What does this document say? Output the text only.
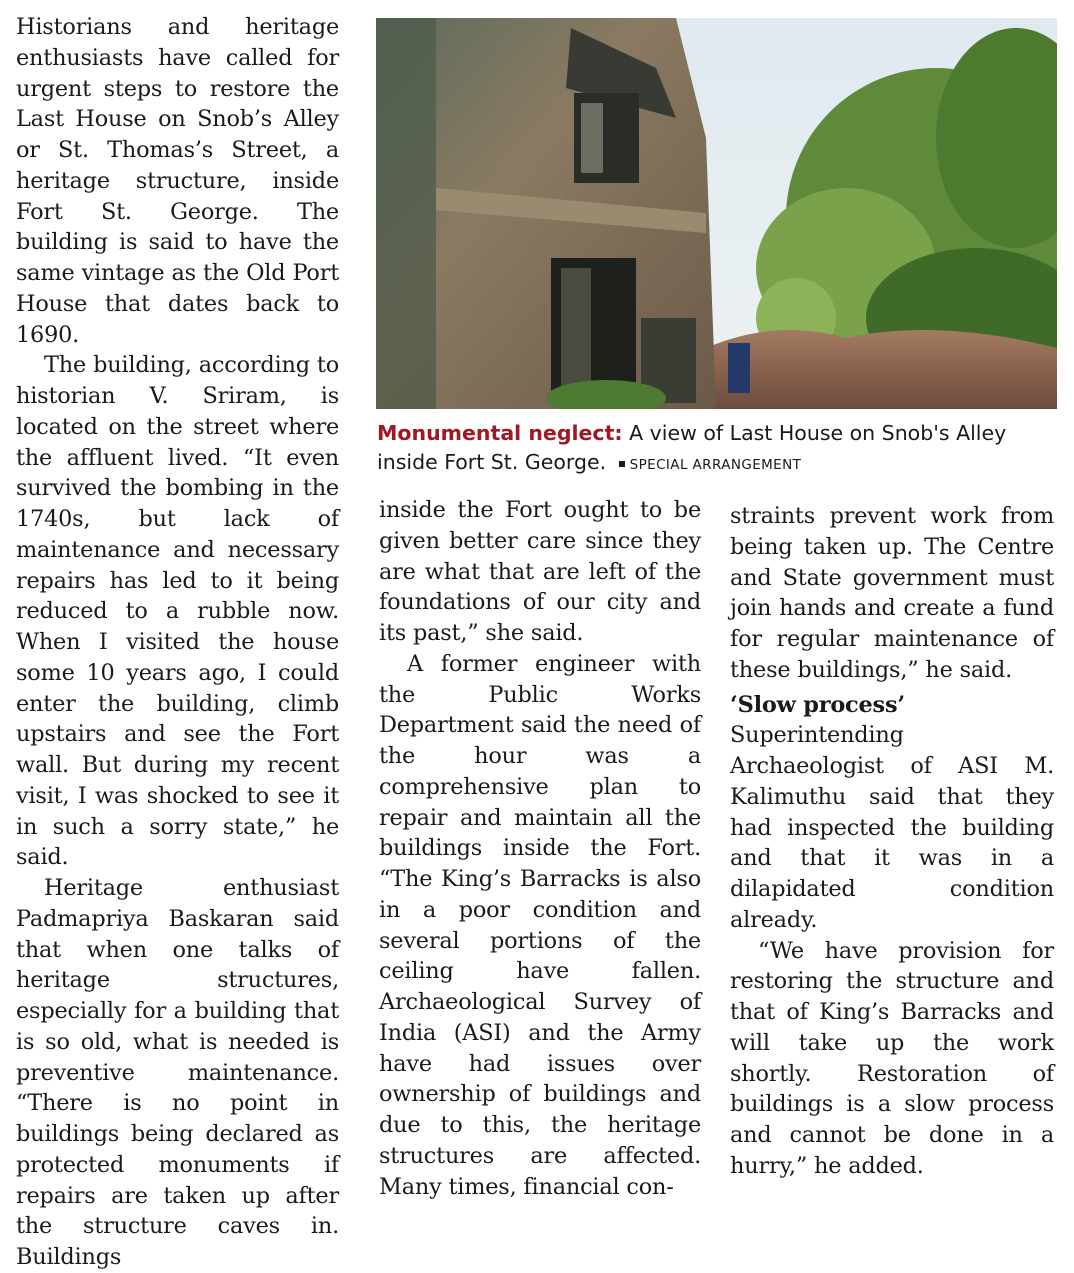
Historians and heritage enthusiasts have called for urgent steps to restore the Last House on Snob’s Alley or St. Thomas’s Street, a heritage structure, inside Fort St. George. The building is said to have the same vintage as the Old Port House that dates back to 1690.

The building, according to historian V. Sriram, is located on the street where the affluent lived. “It even survived the bombing in the 1740s, but lack of maintenance and necessary repairs has led to it being reduced to a rubble now. When I visited the house some 10 years ago, I could enter the building, climb upstairs and see the Fort wall. But during my recent visit, I was shocked to see it in such a sorry state,” he said.

Heritage enthusiast Padmapriya Baskaran said that when one talks of heritage structures, especially for a building that is so old, what is needed is preventive maintenance. “There is no point in buildings being declared as protected monuments if repairs are taken up after the structure caves in. Buildings

Monumental neglect: A view of Last House on Snob's Alley inside Fort St. George. SPECIAL ARRANGEMENT

inside the Fort ought to be given better care since they are what that are left of the foundations of our city and its past,” she said.

A former engineer with the Public Works Department said the need of the hour was a comprehensive plan to repair and maintain all the buildings inside the Fort. “The King’s Barracks is also in a poor condition and several portions of the ceiling have fallen. Archaeological Survey of India (ASI) and the Army have had issues over ownership of buildings and due to this, the heritage structures are affected. Many times, financial con-

straints prevent work from being taken up. The Centre and State government must join hands and create a fund for regular maintenance of these buildings,” he said.

‘Slow process’

Superintending Archaeologist of ASI M. Kalimuthu said that they had inspected the building and that it was in a dilapidated condition already.

“We have provision for restoring the structure and that of King’s Barracks and will take up the work shortly. Restoration of buildings is a slow process and cannot be done in a hurry,” he added.
